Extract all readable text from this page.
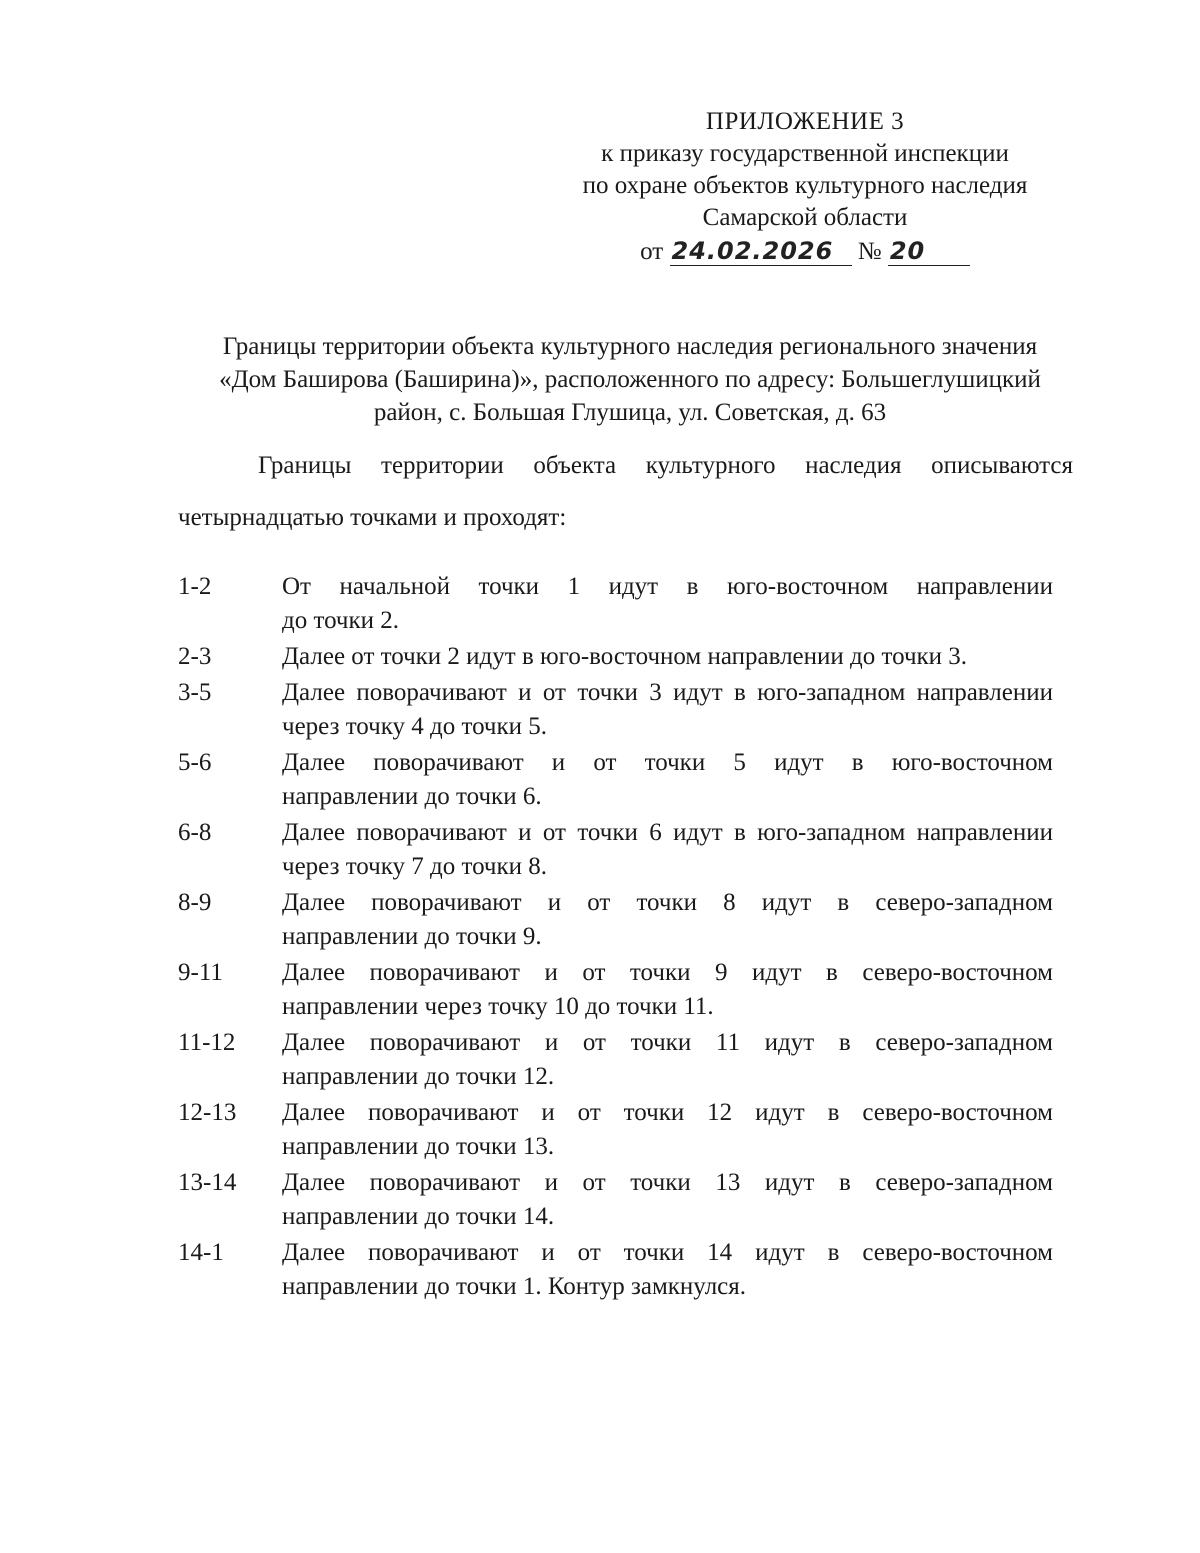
ПРИЛОЖЕНИЕ 3
к приказу государственной инспекции
по охране объектов культурного наследия
Самарской области
от 24.02.2026 № 20
Границы территории объекта культурного наследия регионального значения
«Дом Баширова (Баширина)», расположенного по адресу: Большеглушицкий
район, с. Большая Глушица, ул. Советская, д. 63
Границы территории объекта культурного наследия описываются
четырнадцатью точками и проходят:
1-2	От начальной точки 1 идут в юго-восточном направлении
до точки 2.
2-3	Далее от точки 2 идут в юго-восточном направлении до точки 3.
3-5	Далее поворачивают и от точки 3 идут в юго-западном направлении
через точку 4 до точки 5.
5-6	Далее поворачивают и от точки 5 идут в юго-восточном
направлении до точки 6.
6-8	Далее поворачивают и от точки 6 идут в юго-западном направлении
через точку 7 до точки 8.
8-9	Далее поворачивают и от точки 8 идут в северо-западном
направлении до точки 9.
9-11	Далее поворачивают и от точки 9 идут в северо-восточном
направлении через точку 10 до точки 11.
11-12	Далее поворачивают и от точки 11 идут в северо-западном
направлении до точки 12.
12-13	Далее поворачивают и от точки 12 идут в северо-восточном
направлении до точки 13.
13-14	Далее поворачивают и от точки 13 идут в северо-западном
направлении до точки 14.
14-1	Далее поворачивают и от точки 14 идут в северо-восточном
направлении до точки 1. Контур замкнулся.
